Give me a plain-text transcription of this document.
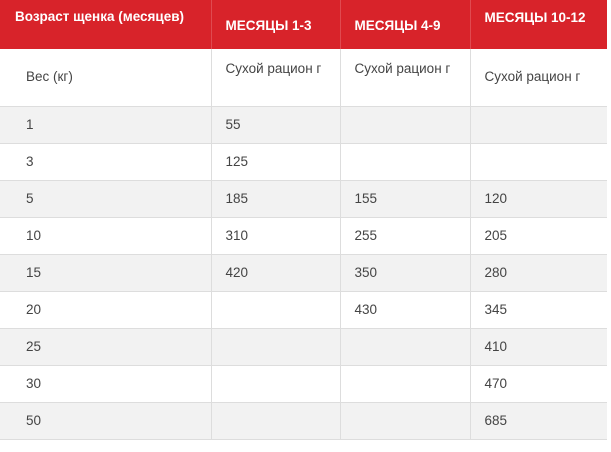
Возраст щенка (месяцев)	МЕСЯЦЫ 1-3	МЕСЯЦЫ 4-9	МЕСЯЦЫ 10-12
Вес (кг)	Сухой рацион г	Сухой рацион г	Сухой рацион г
1	55		
3	125		
5	185	155	120
10	310	255	205
15	420	350	280
20		430	345
25			410
30			470
50			685
